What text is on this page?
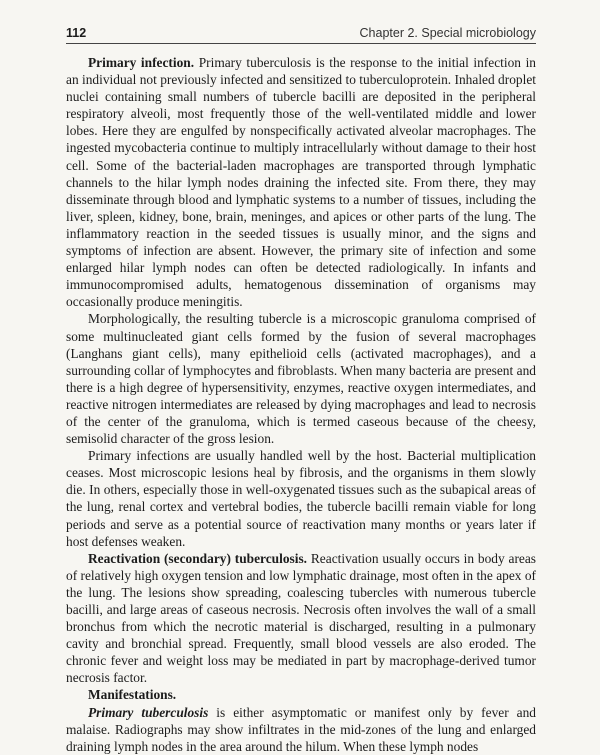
112	Chapter 2. Special microbiology

Primary infection. Primary tuberculosis is the response to the initial infection in an individual not previously infected and sensitized to tuberculoprotein. Inhaled droplet nuclei containing small numbers of tubercle bacilli are deposited in the peripheral respiratory alveoli, most frequently those of the well-ventilated middle and lower lobes. Here they are engulfed by nonspecifically activated alveolar macrophages. The ingested mycobacteria continue to multiply intracellularly without damage to their host cell. Some of the bacterial-laden macrophages are transported through lymphatic channels to the hilar lymph nodes draining the infected site. From there, they may disseminate through blood and lymphatic systems to a number of tissues, including the liver, spleen, kidney, bone, brain, meninges, and apices or other parts of the lung. The inflammatory reaction in the seeded tissues is usually minor, and the signs and symptoms of infection are absent. However, the primary site of infection and some enlarged hilar lymph nodes can often be detected radiologically. In infants and immunocompromised adults, hematogenous dissemination of organisms may occasionally produce meningitis.

Morphologically, the resulting tubercle is a microscopic granuloma comprised of some multinucleated giant cells formed by the fusion of several macrophages (Langhans giant cells), many epithelioid cells (activated macrophages), and a surrounding collar of lymphocytes and fibroblasts. When many bacteria are present and there is a high degree of hypersensitivity, enzymes, reactive oxygen intermediates, and reactive nitrogen intermediates are released by dying macrophages and lead to necrosis of the center of the granuloma, which is termed caseous because of the cheesy, semisolid character of the gross lesion.

Primary infections are usually handled well by the host. Bacterial multiplication ceases. Most microscopic lesions heal by fibrosis, and the organisms in them slowly die. In others, especially those in well-oxygenated tissues such as the subapical areas of the lung, renal cortex and vertebral bodies, the tubercle bacilli remain viable for long periods and serve as a potential source of reactivation many months or years later if host defenses weaken.

Reactivation (secondary) tuberculosis. Reactivation usually occurs in body areas of relatively high oxygen tension and low lymphatic drainage, most often in the apex of the lung. The lesions show spreading, coalescing tubercles with numerous tubercle bacilli, and large areas of caseous necrosis. Necrosis often involves the wall of a small bronchus from which the necrotic material is discharged, resulting in a pulmonary cavity and bronchial spread. Frequently, small blood vessels are also eroded. The chronic fever and weight loss may be mediated in part by macrophage-derived tumor necrosis factor.

Manifestations.

Primary tuberculosis is either asymptomatic or manifest only by fever and malaise. Radiographs may show infiltrates in the mid-zones of the lung and enlarged draining lymph nodes in the area around the hilum. When these lymph nodes
